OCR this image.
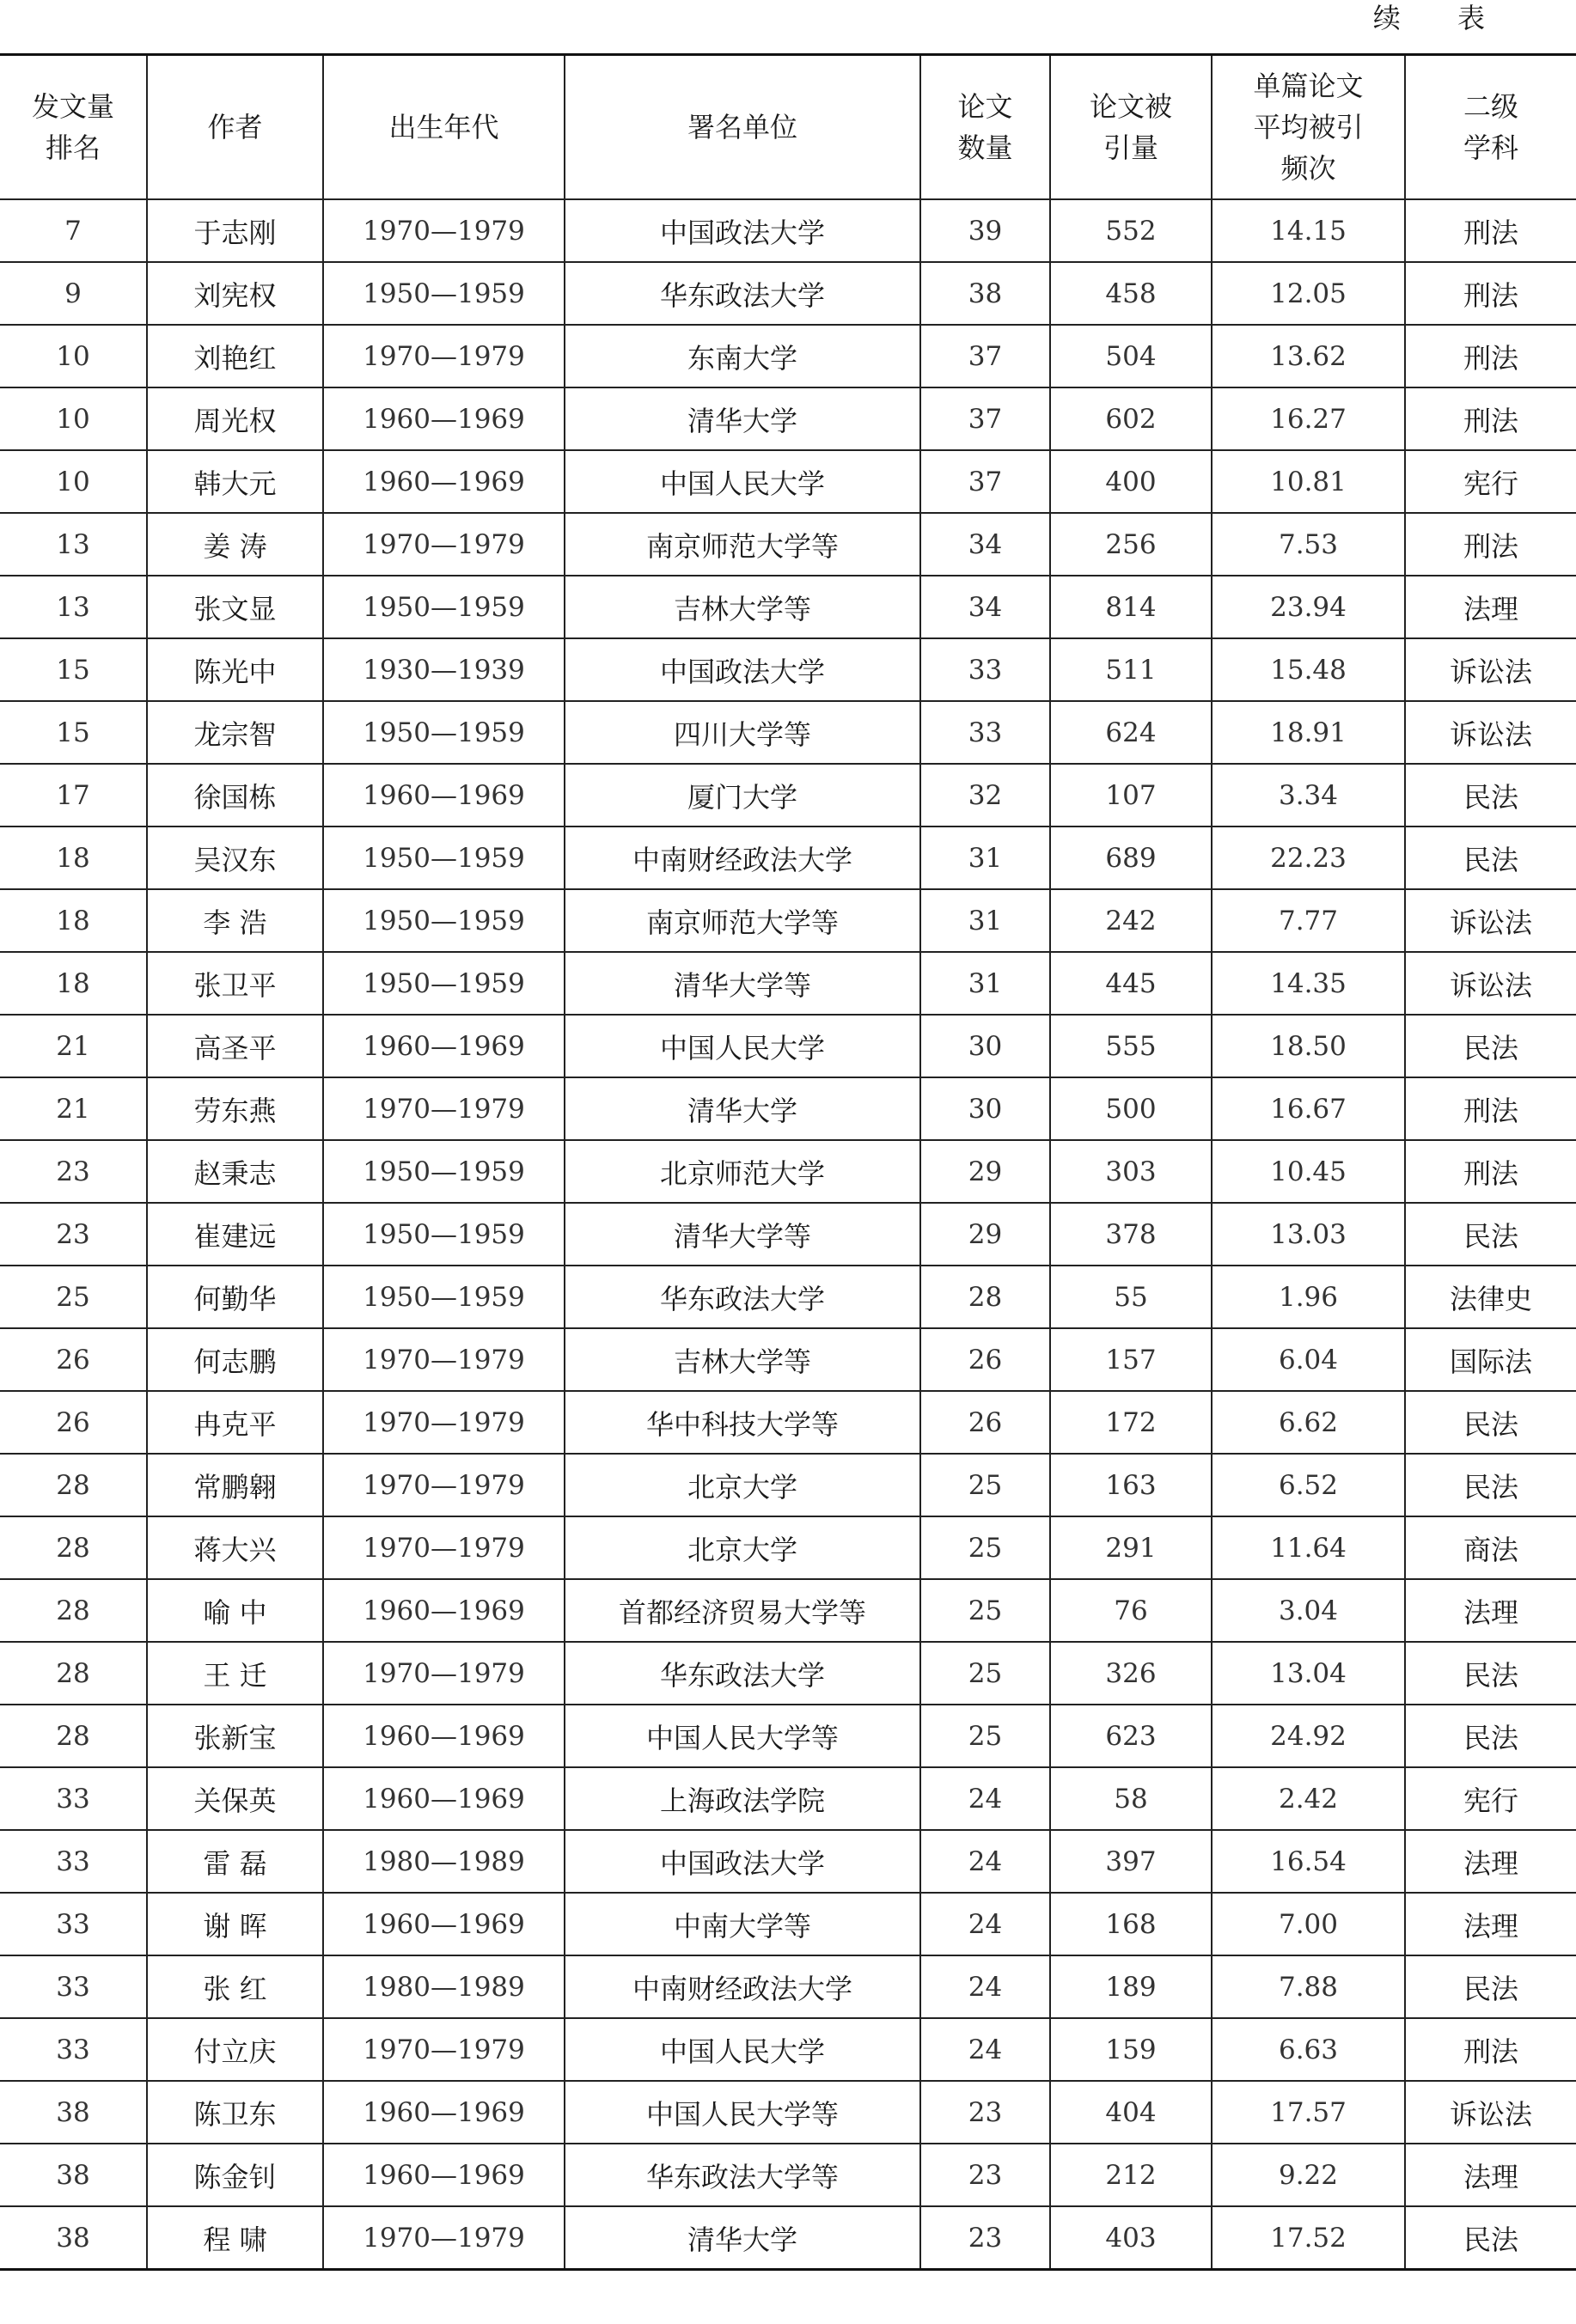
续 表
发文量排名	作者	出生年代	署名单位	论文数量	论文被引量	单篇论文平均被引频次	二级学科
7	于志刚	1970—1979	中国政法大学	39	552	14.15	刑法
9	刘宪权	1950—1959	华东政法大学	38	458	12.05	刑法
10	刘艳红	1970—1979	东南大学	37	504	13.62	刑法
10	周光权	1960—1969	清华大学	37	602	16.27	刑法
10	韩大元	1960—1969	中国人民大学	37	400	10.81	宪行
13	姜 涛	1970—1979	南京师范大学等	34	256	7.53	刑法
13	张文显	1950—1959	吉林大学等	34	814	23.94	法理
15	陈光中	1930—1939	中国政法大学	33	511	15.48	诉讼法
15	龙宗智	1950—1959	四川大学等	33	624	18.91	诉讼法
17	徐国栋	1960—1969	厦门大学	32	107	3.34	民法
18	吴汉东	1950—1959	中南财经政法大学	31	689	22.23	民法
18	李 浩	1950—1959	南京师范大学等	31	242	7.77	诉讼法
18	张卫平	1950—1959	清华大学等	31	445	14.35	诉讼法
21	高圣平	1960—1969	中国人民大学	30	555	18.50	民法
21	劳东燕	1970—1979	清华大学	30	500	16.67	刑法
23	赵秉志	1950—1959	北京师范大学	29	303	10.45	刑法
23	崔建远	1950—1959	清华大学等	29	378	13.03	民法
25	何勤华	1950—1959	华东政法大学	28	55	1.96	法律史
26	何志鹏	1970—1979	吉林大学等	26	157	6.04	国际法
26	冉克平	1970—1979	华中科技大学等	26	172	6.62	民法
28	常鹏翱	1970—1979	北京大学	25	163	6.52	民法
28	蒋大兴	1970—1979	北京大学	25	291	11.64	商法
28	喻 中	1960—1969	首都经济贸易大学等	25	76	3.04	法理
28	王 迁	1970—1979	华东政法大学	25	326	13.04	民法
28	张新宝	1960—1969	中国人民大学等	25	623	24.92	民法
33	关保英	1960—1969	上海政法学院	24	58	2.42	宪行
33	雷 磊	1980—1989	中国政法大学	24	397	16.54	法理
33	谢 晖	1960—1969	中南大学等	24	168	7.00	法理
33	张 红	1980—1989	中南财经政法大学	24	189	7.88	民法
33	付立庆	1970—1979	中国人民大学	24	159	6.63	刑法
38	陈卫东	1960—1969	中国人民大学等	23	404	17.57	诉讼法
38	陈金钊	1960—1969	华东政法大学等	23	212	9.22	法理
38	程 啸	1970—1979	清华大学	23	403	17.52	民法
